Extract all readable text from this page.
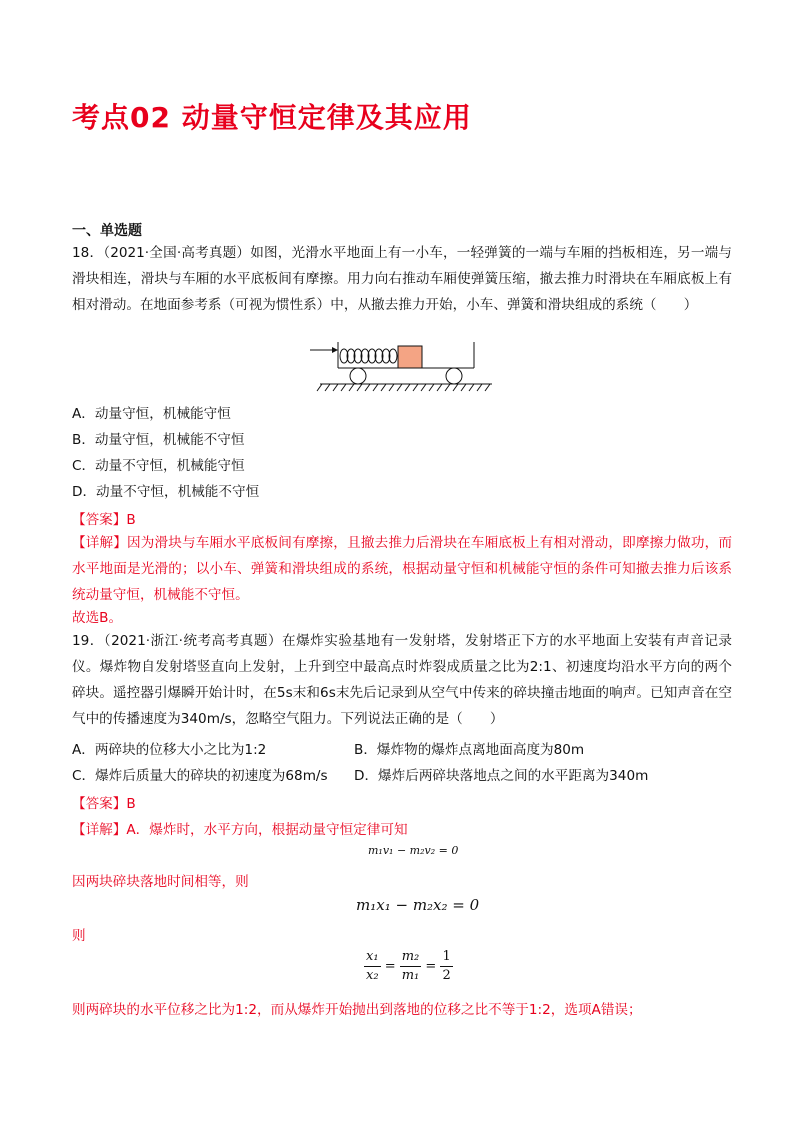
考点02 动量守恒定律及其应用
一、单选题
18．（2021·全国·高考真题）如图，光滑水平地面上有一小车，一轻弹簧的一端与车厢的挡板相连，另一端与滑块相连，滑块与车厢的水平底板间有摩擦。用力向右推动车厢使弹簧压缩，撤去推力时滑块在车厢底板上有相对滑动。在地面参考系（可视为惯性系）中，从撤去推力开始，小车、弹簧和滑块组成的系统（　　）
A．动量守恒，机械能守恒
B．动量守恒，机械能不守恒
C．动量不守恒，机械能守恒
D．动量不守恒，机械能不守恒
【答案】B
【详解】因为滑块与车厢水平底板间有摩擦，且撤去推力后滑块在车厢底板上有相对滑动，即摩擦力做功，而水平地面是光滑的；以小车、弹簧和滑块组成的系统，根据动量守恒和机械能守恒的条件可知撤去推力后该系统动量守恒，机械能不守恒。
故选B。
19．（2021·浙江·统考高考真题）在爆炸实验基地有一发射塔，发射塔正下方的水平地面上安装有声音记录仪。爆炸物自发射塔竖直向上发射，上升到空中最高点时炸裂成质量之比为2:1、初速度均沿水平方向的两个碎块。遥控器引爆瞬开始计时，在5s末和6s末先后记录到从空气中传来的碎块撞击地面的响声。已知声音在空气中的传播速度为340m/s，忽略空气阻力。下列说法正确的是（　　）
A．两碎块的位移大小之比为1:2	B．爆炸物的爆炸点离地面高度为80m
C．爆炸后质量大的碎块的初速度为68m/s D．爆炸后两碎块落地点之间的水平距离为340m
【答案】B
【详解】A．爆炸时，水平方向，根据动量守恒定律可知
m₁v₁ − m₂v₂ = 0
因两块碎块落地时间相等，则
m₁x₁ − m₂x₂ = 0
则
$\frac{\text{x₁}}{\text{x₂}} = \frac{\text{m₂}}{\text{m₁}} = \frac{1}{2}$
则两碎块的水平位移之比为1:2，而从爆炸开始抛出到落地的位移之比不等于1:2，选项A错误；
